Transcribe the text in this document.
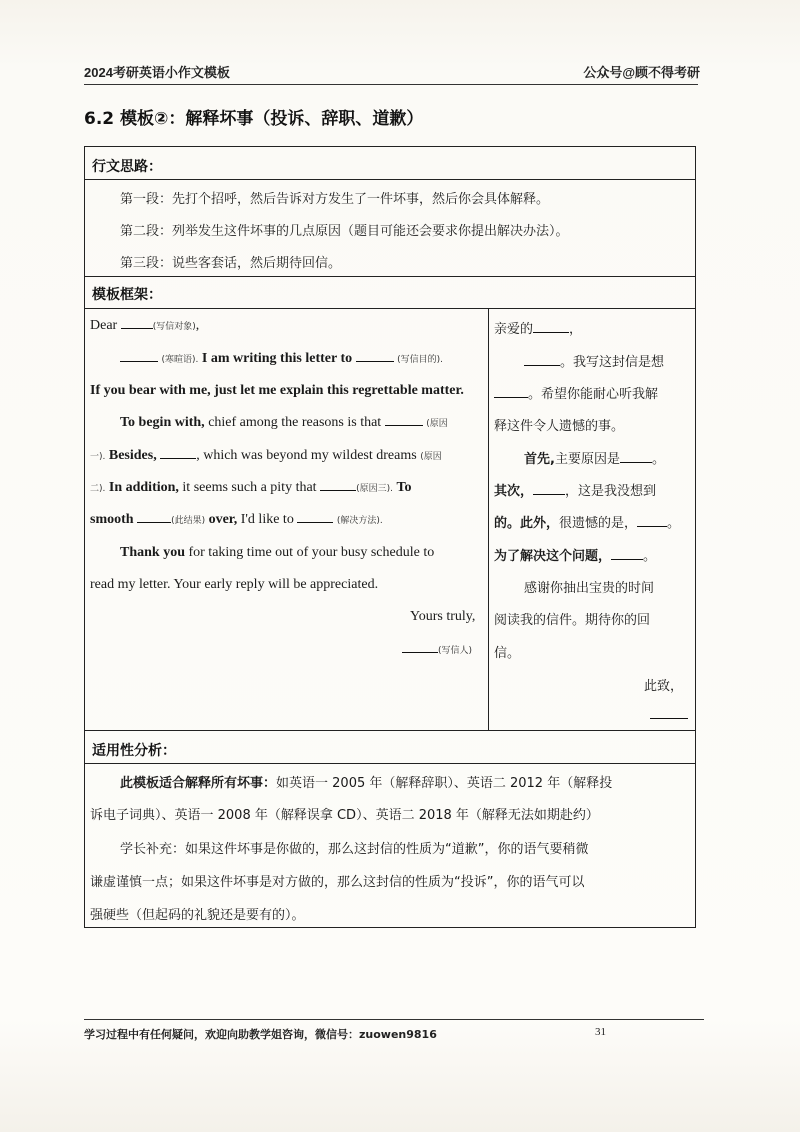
2024考研英语小作文模板	公众号@顾不得考研
6.2 模板②：解释坏事（投诉、辞职、道歉）
行文思路：
第一段：先打个招呼，然后告诉对方发生了一件坏事，然后你会具体解释。
第二段：列举发生这件坏事的几点原因（题目可能还会要求你提出解决办法）。
第三段：说些客套话，然后期待回信。
模板框架：
Dear	(写信对象),
(寒暄语). I am writing this letter to	(写信目的).
If you bear with me, just let me explain this regrettable matter.
To begin with, chief among the reasons is that	(原因
一). Besides,	, which was beyond my wildest dreams (原因
二). In addition, it seems such a pity that	(原因三). To
smooth	(此结果) over, I'd like to	(解决方法).
Thank you for taking time out of your busy schedule to
read my letter. Your early reply will be appreciated.
Yours truly,
(写信人)
亲爱的	，
。我写这封信是想
。希望你能耐心听我解
释这件令人遗憾的事。
首先,主要原因是 。
其次， ，这是我没想到
的。此外，很遗憾的是， 。
为了解决这个问题， 。
感谢你抽出宝贵的时间
阅读我的信件。期待你的回
信。
此致，
适用性分析：
此模板适合解释所有坏事：如英语一 2005 年（解释辞职）、英语二 2012 年（解释投
诉电子词典）、英语一 2008 年（解释误拿 CD）、英语二 2018 年（解释无法如期赴约）
学长补充：如果这件坏事是你做的，那么这封信的性质为“道歉”，你的语气要稍微
谦虚谨慎一点；如果这件坏事是对方做的，那么这封信的性质为“投诉”，你的语气可以
强硬些（但起码的礼貌还是要有的）。
学习过程中有任何疑问，欢迎向助教学姐咨询，微信号：zuowen9816	31
